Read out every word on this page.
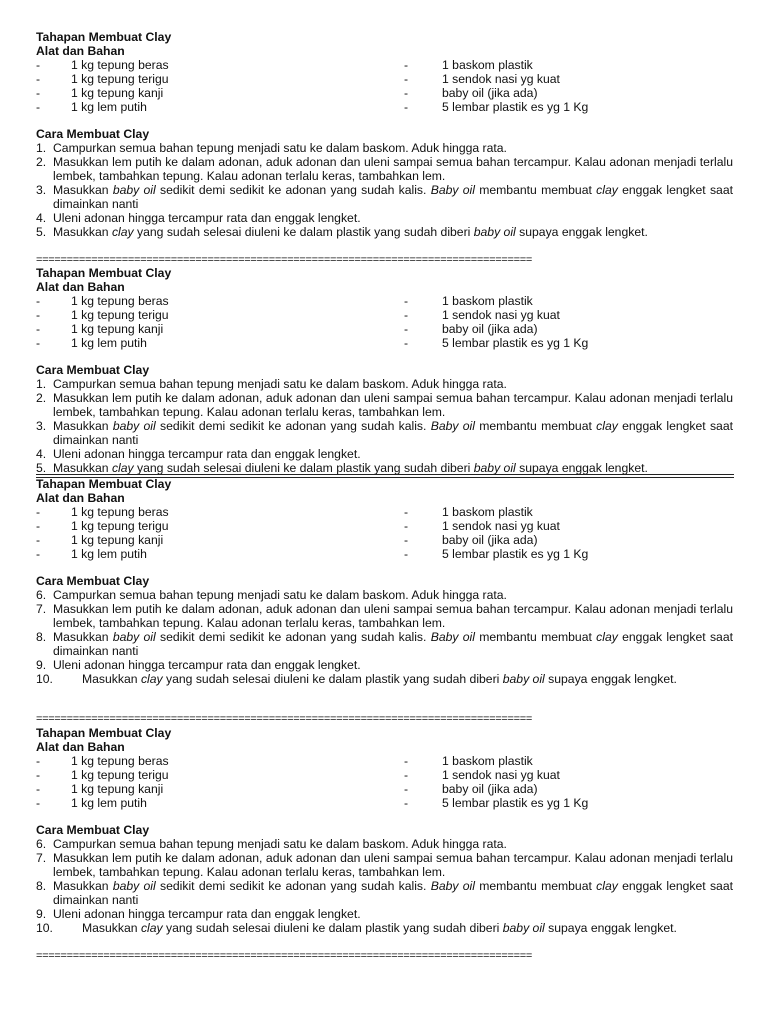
Tahapan Membuat Clay
Alat dan Bahan
-	1 kg tepung beras	-	1 baskom plastik
-	1 kg tepung terigu	-	1 sendok nasi yg kuat
-	1 kg tepung kanji	-	baby oil (jika ada)
-	1 kg lem putih	-	5 lembar plastik es yg 1 Kg
Cara Membuat Clay
1. Campurkan semua bahan tepung menjadi satu ke dalam baskom. Aduk hingga rata.
2. Masukkan lem putih ke dalam adonan, aduk adonan dan uleni sampai semua bahan tercampur. Kalau adonan menjadi terlalu lembek, tambahkan tepung. Kalau adonan terlalu keras, tambahkan lem.
3. Masukkan baby oil sedikit demi sedikit ke adonan yang sudah kalis. Baby oil membantu membuat clay enggak lengket saat dimainkan nanti
4. Uleni adonan hingga tercampur rata dan enggak lengket.
5. Masukkan clay yang sudah selesai diuleni ke dalam plastik yang sudah diberi baby oil supaya enggak lengket.
=================================================================================
Tahapan Membuat Clay
Alat dan Bahan
-	1 kg tepung beras	-	1 baskom plastik
-	1 kg tepung terigu	-	1 sendok nasi yg kuat
-	1 kg tepung kanji	-	baby oil (jika ada)
-	1 kg lem putih	-	5 lembar plastik es yg 1 Kg
Cara Membuat Clay
1. Campurkan semua bahan tepung menjadi satu ke dalam baskom. Aduk hingga rata.
2. Masukkan lem putih ke dalam adonan, aduk adonan dan uleni sampai semua bahan tercampur. Kalau adonan menjadi terlalu lembek, tambahkan tepung. Kalau adonan terlalu keras, tambahkan lem.
3. Masukkan baby oil sedikit demi sedikit ke adonan yang sudah kalis. Baby oil membantu membuat clay enggak lengket saat dimainkan nanti
4. Uleni adonan hingga tercampur rata dan enggak lengket.
5. Masukkan clay yang sudah selesai diuleni ke dalam plastik yang sudah diberi baby oil supaya enggak lengket.
Tahapan Membuat Clay
Alat dan Bahan
-	1 kg tepung beras	-	1 baskom plastik
-	1 kg tepung terigu	-	1 sendok nasi yg kuat
-	1 kg tepung kanji	-	baby oil (jika ada)
-	1 kg lem putih	-	5 lembar plastik es yg 1 Kg
Cara Membuat Clay
6. Campurkan semua bahan tepung menjadi satu ke dalam baskom. Aduk hingga rata.
7. Masukkan lem putih ke dalam adonan, aduk adonan dan uleni sampai semua bahan tercampur. Kalau adonan menjadi terlalu lembek, tambahkan tepung. Kalau adonan terlalu keras, tambahkan lem.
8. Masukkan baby oil sedikit demi sedikit ke adonan yang sudah kalis. Baby oil membantu membuat clay enggak lengket saat dimainkan nanti
9. Uleni adonan hingga tercampur rata dan enggak lengket.
10.	Masukkan clay yang sudah selesai diuleni ke dalam plastik yang sudah diberi baby oil supaya enggak lengket.
=================================================================================
Tahapan Membuat Clay
Alat dan Bahan
-	1 kg tepung beras	-	1 baskom plastik
-	1 kg tepung terigu	-	1 sendok nasi yg kuat
-	1 kg tepung kanji	-	baby oil (jika ada)
-	1 kg lem putih	-	5 lembar plastik es yg 1 Kg
Cara Membuat Clay
6. Campurkan semua bahan tepung menjadi satu ke dalam baskom. Aduk hingga rata.
7. Masukkan lem putih ke dalam adonan, aduk adonan dan uleni sampai semua bahan tercampur. Kalau adonan menjadi terlalu lembek, tambahkan tepung. Kalau adonan terlalu keras, tambahkan lem.
8. Masukkan baby oil sedikit demi sedikit ke adonan yang sudah kalis. Baby oil membantu membuat clay enggak lengket saat dimainkan nanti
9. Uleni adonan hingga tercampur rata dan enggak lengket.
10.	Masukkan clay yang sudah selesai diuleni ke dalam plastik yang sudah diberi baby oil supaya enggak lengket.
=================================================================================
